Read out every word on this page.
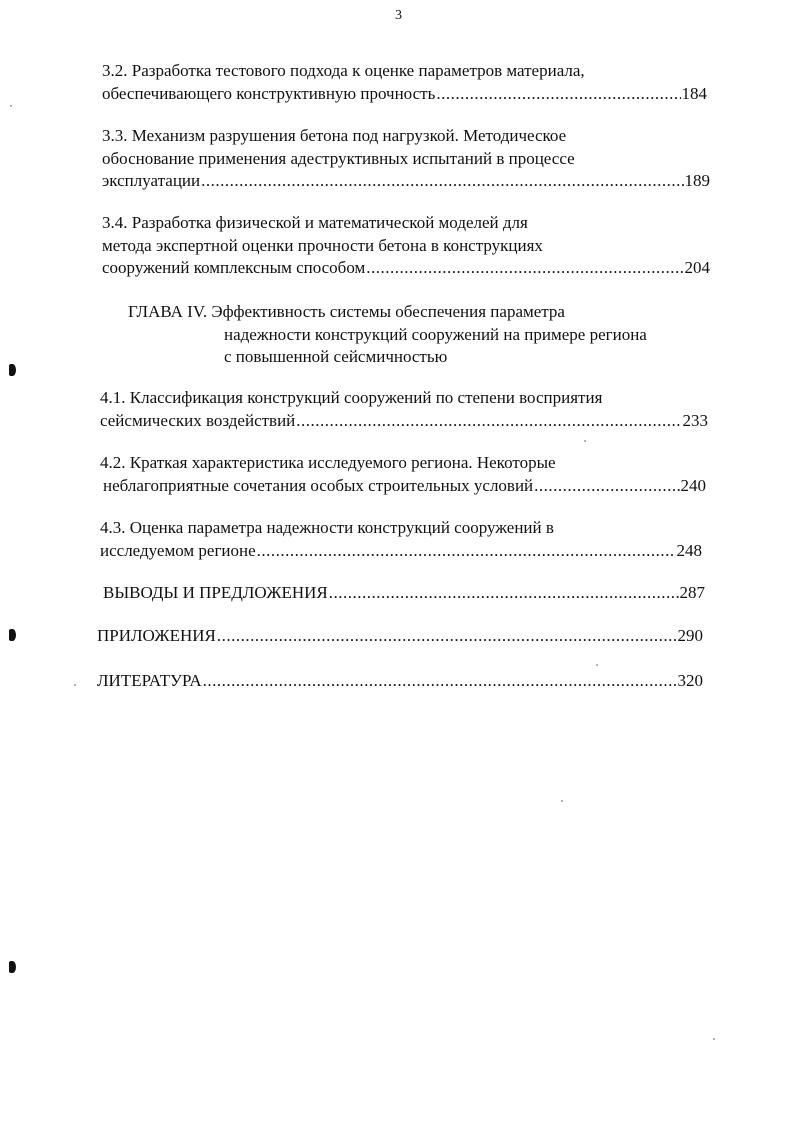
3
3.2. Разработка тестового подхода к оценке параметров материала,
обеспечивающего конструктивную прочность .....	184
3.3. Механизм разрушения бетона под нагрузкой. Методическое
обоснование применения адеструктивных испытаний в процессе
эксплуатации .....	189
3.4. Разработка физической и математической моделей для
метода экспертной оценки прочности бетона в конструкциях
сооружений комплексным способом .....	204
ГЛАВА IV. Эффективность системы обеспечения параметра
надежности конструкций сооружений на примере региона
с повышенной сейсмичностью
4.1. Классификация конструкций сооружений по степени восприятия
сейсмических воздействий .....	233
4.2. Краткая характеристика исследуемого региона. Некоторые
неблагоприятные сочетания особых строительных условий .....	240
4.3. Оценка параметра надежности конструкций сооружений в
исследуемом регионе .....	248
ВЫВОДЫ И ПРЕДЛОЖЕНИЯ .....	287
ПРИЛОЖЕНИЯ .....	290
ЛИТЕРАТУРА .....	320
